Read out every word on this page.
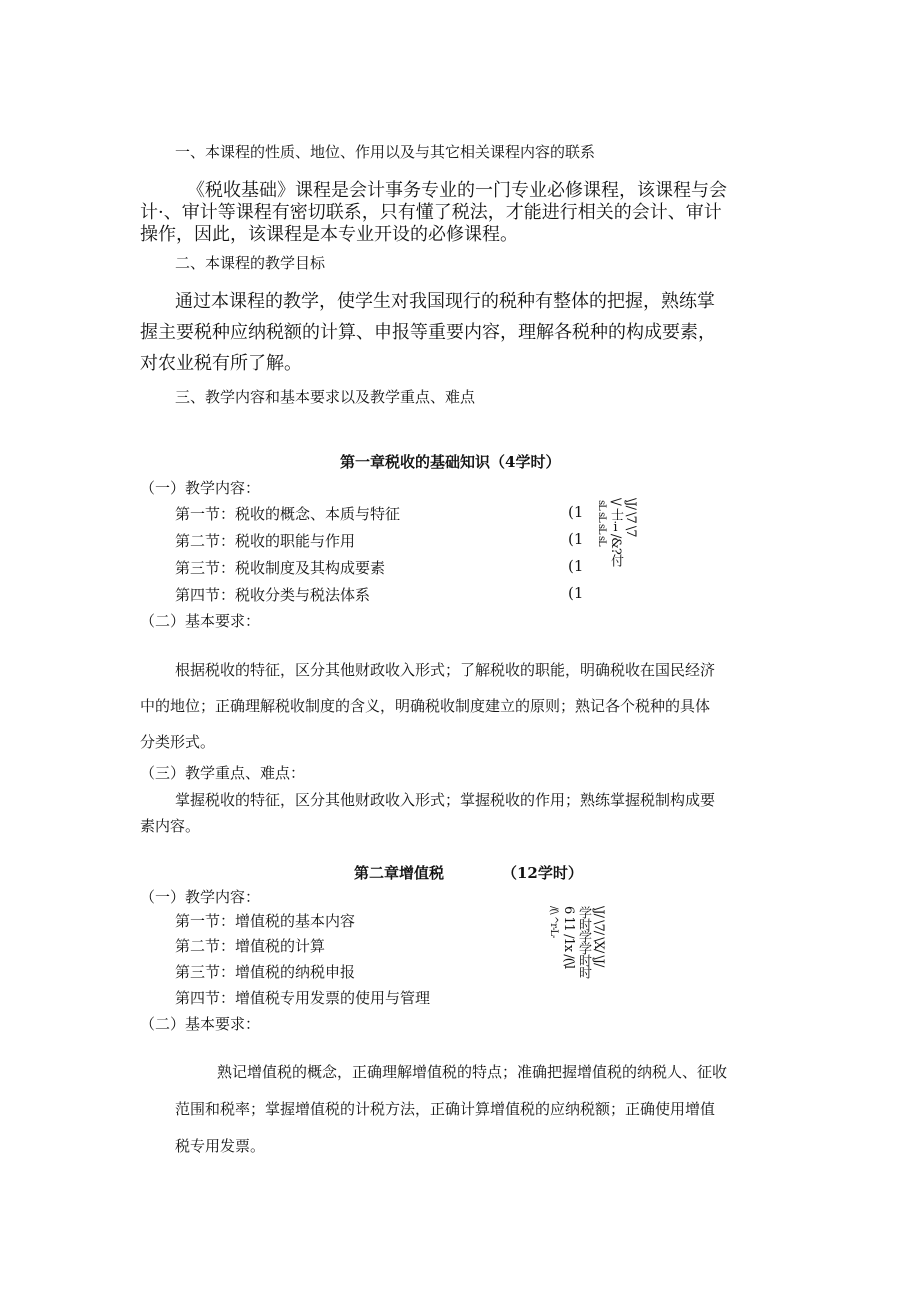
一、本课程的性质、地位、作用以及与其它相关课程内容的联系
《税收基础》课程是会计事务专业的一门专业必修课程，该课程与会
计·、审计等课程有密切联系，只有懂了税法，才能进行相关的会计、审计
操作，因此，该课程是本专业开设的必修课程。
二、本课程的教学目标
通过本课程的教学，使学生对我国现行的税种有整体的把握，熟练掌
握主要税种应纳税额的计算、申报等重要内容，理解各税种的构成要素，
对农业税有所了解。
三、教学内容和基本要求以及教学重点、难点
第一章税收的基础知识（4学时）
（一）教学内容：
第一节：税收的概念、本质与特征
第二节：税收的职能与作用
第三节：税收制度及其构成要素
第四节：税收分类与税法体系
(1
(1
(1
(1
\J/ \7 \7
\/ 士ⅰ/&?付
sL sL sL sL
（二）基本要求：
根据税收的特征，区分其他财政收入形式；了解税收的职能，明确税收在国民经济
中的地位；正确理解税收制度的含义，明确税收制度建立的原则；熟记各个税种的具体
分类形式。
（三）教学重点、难点：
掌握税收的特征，区分其他财政收入形式；掌握税收的作用；熟练掌握税制构成要
素内容。
第二章增值税	（12学时）
（一）教学内容：
第一节：增值税的基本内容
第二节：增值税的计算
第三节：增值税的纳税申报
第四节：增值税专用发票的使用与管理
\J/ \7/ \X/ \J/
学时学学时时
6 11 /1x /(\l
/(\ ^r-L-
（二）基本要求：
熟记增值税的概念，正确理解增值税的特点；准确把握增值税的纳税人、征收
范围和税率；掌握增值税的计税方法，正确计算增值税的应纳税额；正确使用增值
税专用发票。
